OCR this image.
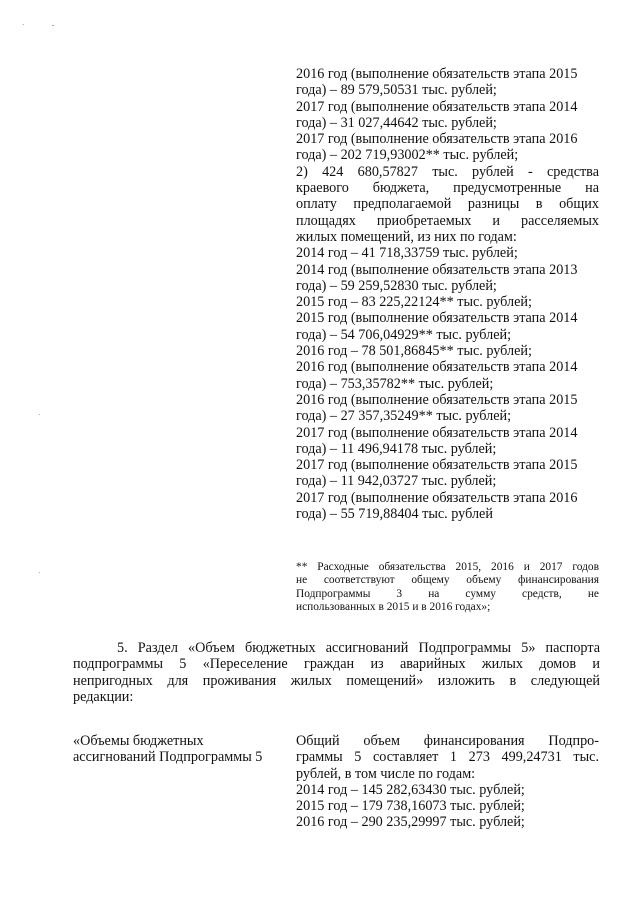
·	-
·
·
2016 год (выполнение обязательств этапа 2015
года) – 89 579,50531 тыс. рублей;
2017 год (выполнение обязательств этапа 2014
года) – 31 027,44642 тыс. рублей;
2017 год (выполнение обязательств этапа 2016
года) – 202 719,93002** тыс. рублей;
2) 424 680,57827 тыс. рублей - средства
краевого бюджета, предусмотренные на
оплату предполагаемой разницы в общих
площадях приобретаемых и расселяемых
жилых помещений, из них по годам:
2014 год – 41 718,33759 тыс. рублей;
2014 год (выполнение обязательств этапа 2013
года) – 59 259,52830 тыс. рублей;
2015 год – 83 225,22124** тыс. рублей;
2015 год (выполнение обязательств этапа 2014
года) – 54 706,04929** тыс. рублей;
2016 год – 78 501,86845** тыс. рублей;
2016 год (выполнение обязательств этапа 2014
года) – 753,35782** тыс. рублей;
2016 год (выполнение обязательств этапа 2015
года) – 27 357,35249** тыс. рублей;
2017 год (выполнение обязательств этапа 2014
года) – 11 496,94178 тыс. рублей;
2017 год (выполнение обязательств этапа 2015
года) – 11 942,03727 тыс. рублей;
2017 год (выполнение обязательств этапа 2016
года) – 55 719,88404 тыс. рублей
** Расходные обязательства 2015, 2016 и 2017 годов
не соответствуют общему объему финансирования
Подпрограммы 3 на сумму средств, не
использованных в 2015 и в 2016 годах»;
5. Раздел «Объем бюджетных ассигнований Подпрограммы 5» паспорта
подпрограммы 5 «Переселение граждан из аварийных жилых домов и
непригодных для проживания жилых помещений» изложить в следующей
редакции:
«Объемы бюджетных
ассигнований Подпрограммы 5
Общий объем финансирования Подпро-
граммы 5 составляет 1 273 499,24731 тыс.
рублей, в том числе по годам:
2014 год – 145 282,63430 тыс. рублей;
2015 год – 179 738,16073 тыс. рублей;
2016 год – 290 235,29997 тыс. рублей;
